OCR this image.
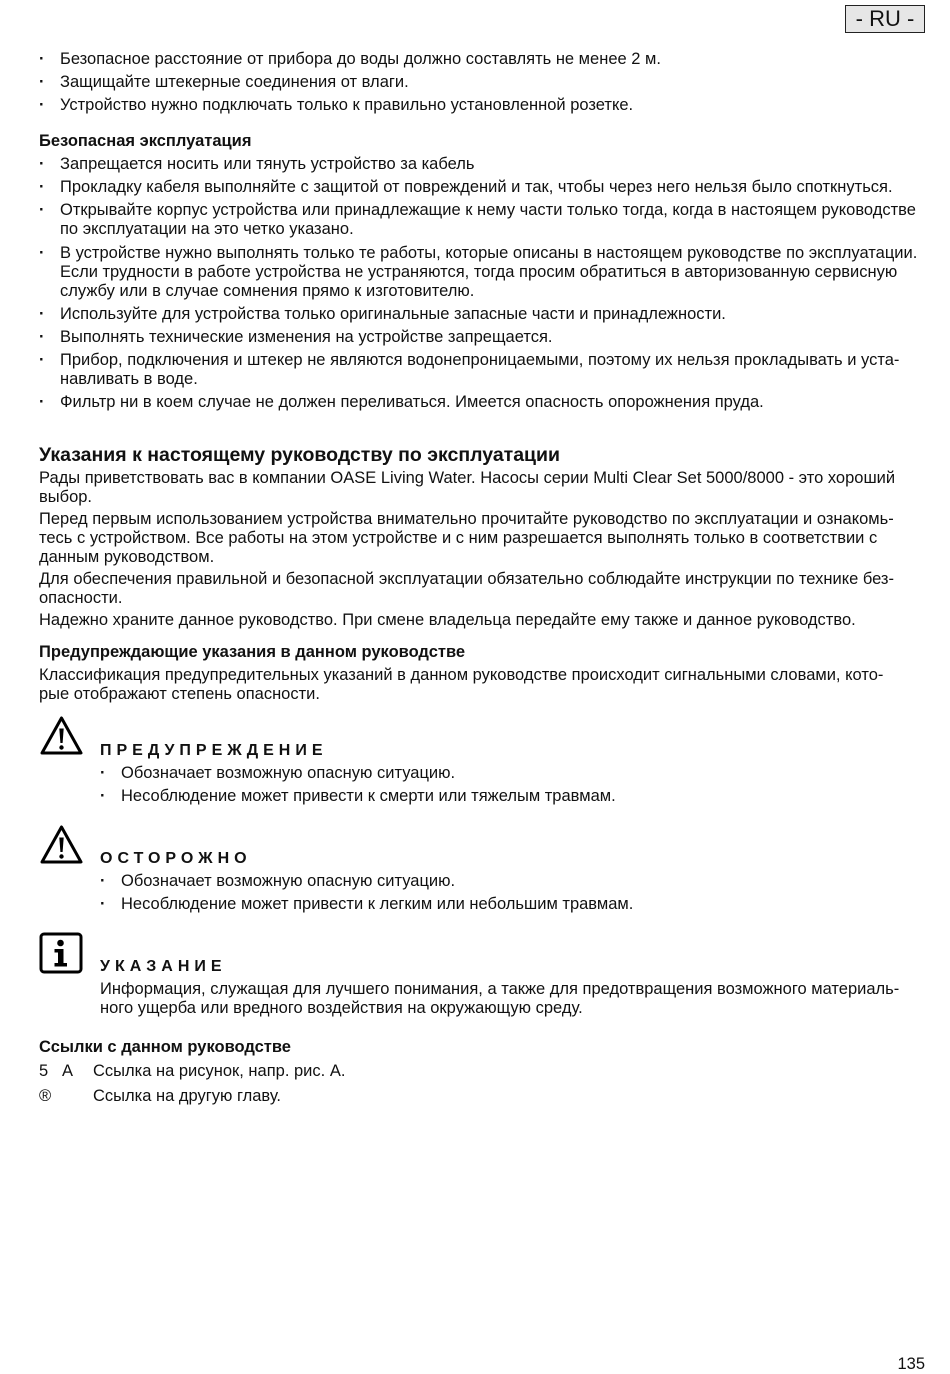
- RU -
· Безопасное расстояние от прибора до воды должно составлять не менее 2 м.
· Защищайте штекерные соединения от влаги.
· Устройство нужно подключать только к правильно установленной розетке.
Безопасная эксплуатация
· Запрещается носить или тянуть устройство за кабель
· Прокладку кабеля выполняйте с защитой от повреждений и так, чтобы через него нельзя было споткнуться.
· Открывайте корпус устройства или принадлежащие к нему части только тогда, когда в настоящем руководстве
по эксплуатации на это четко указано.
· В устройстве нужно выполнять только те работы, которые описаны в настоящем руководстве по эксплуатации.
Если трудности в работе устройства не устраняются, тогда просим обратиться в авторизованную сервисную
службу или в случае сомнения прямо к изготовителю.
· Используйте для устройства только оригинальные запасные части и принадлежности.
· Выполнять технические изменения на устройстве запрещается.
· Прибор, подключения и штекер не являются водонепроницаемыми, поэтому их нельзя прокладывать и уста-
навливать в воде.
· Фильтр ни в коем случае не должен переливаться. Имеется опасность опорожнения пруда.
Указания к настоящему руководству по эксплуатации
Рады приветствовать вас в компании OASE Living Water. Насосы серии Multi Clear Set 5000/8000 - это хороший
выбор.
Перед первым использованием устройства внимательно прочитайте руководство по эксплуатации и ознакомь-
тесь с устройством. Все работы на этом устройстве и с ним разрешается выполнять только в соответствии с
данным руководством.
Для обеспечения правильной и безопасной эксплуатации обязательно соблюдайте инструкции по технике без-
опасности.
Надежно храните данное руководство. При смене владельца передайте ему также и данное руководство.
Предупреждающие указания в данном руководстве
Классификация предупредительных указаний в данном руководстве происходит сигнальными словами, кото-
рые отображают степень опасности.
ПРЕДУПРЕЖДЕНИЕ
· Обозначает возможную опасную ситуацию.
· Несоблюдение может привести к смерти или тяжелым травмам.
ОСТОРОЖНО
· Обозначает возможную опасную ситуацию.
· Несоблюдение может привести к легким или небольшим травмам.
УКАЗАНИЕ
Информация, служащая для лучшего понимания, а также для предотвращения возможного материаль-
ного ущерба или вредного воздействия на окружающую среду.
Ссылки с данном руководстве
5 A Ссылка на рисунок, напр. рис. A.
®	Ссылка на другую главу.
135
